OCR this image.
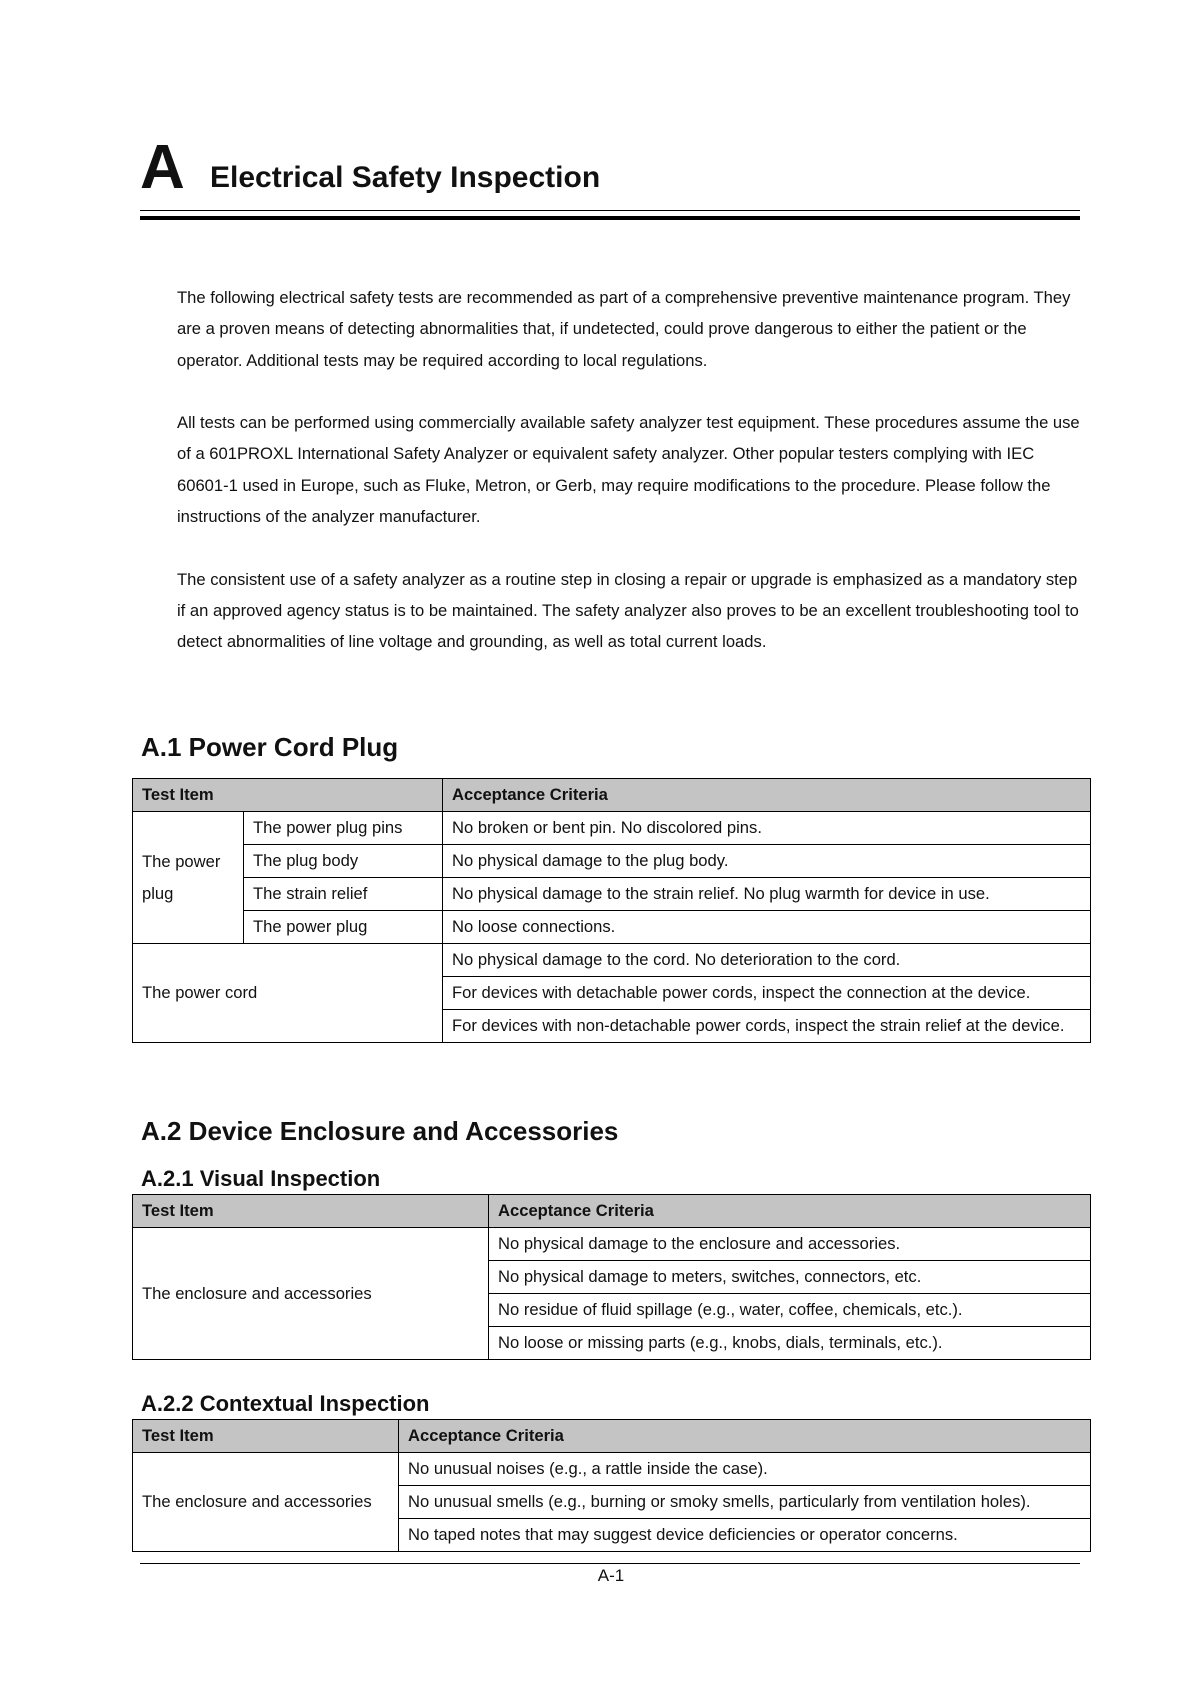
A Electrical Safety Inspection

The following electrical safety tests are recommended as part of a comprehensive preventive maintenance program. They are a proven means of detecting abnormalities that, if undetected, could prove dangerous to either the patient or the operator. Additional tests may be required according to local regulations.

All tests can be performed using commercially available safety analyzer test equipment. These procedures assume the use of a 601PROXL International Safety Analyzer or equivalent safety analyzer. Other popular testers complying with IEC 60601-1 used in Europe, such as Fluke, Metron, or Gerb, may require modifications to the procedure. Please follow the instructions of the analyzer manufacturer.

The consistent use of a safety analyzer as a routine step in closing a repair or upgrade is emphasized as a mandatory step if an approved agency status is to be maintained. The safety analyzer also proves to be an excellent troubleshooting tool to detect abnormalities of line voltage and grounding, as well as total current loads.

A.1 Power Cord Plug
Test Item		Acceptance Criteria
The power plug	The power plug pins	No broken or bent pin. No discolored pins.
	The plug body	No physical damage to the plug body.
	The strain relief	No physical damage to the strain relief. No plug warmth for device in use.
	The power plug	No loose connections.
The power cord		No physical damage to the cord. No deterioration to the cord.
		For devices with detachable power cords, inspect the connection at the device.
		For devices with non-detachable power cords, inspect the strain relief at the device.
A.2 Device Enclosure and Accessories
A.2.1 Visual Inspection
Test Item	Acceptance Criteria
The enclosure and accessories	No physical damage to the enclosure and accessories.
	No physical damage to meters, switches, connectors, etc.
	No residue of fluid spillage (e.g., water, coffee, chemicals, etc.).
	No loose or missing parts (e.g., knobs, dials, terminals, etc.).
A.2.2 Contextual Inspection
Test Item	Acceptance Criteria
The enclosure and accessories	No unusual noises (e.g., a rattle inside the case).
	No unusual smells (e.g., burning or smoky smells, particularly from ventilation holes).
	No taped notes that may suggest device deficiencies or operator concerns.
A-1
